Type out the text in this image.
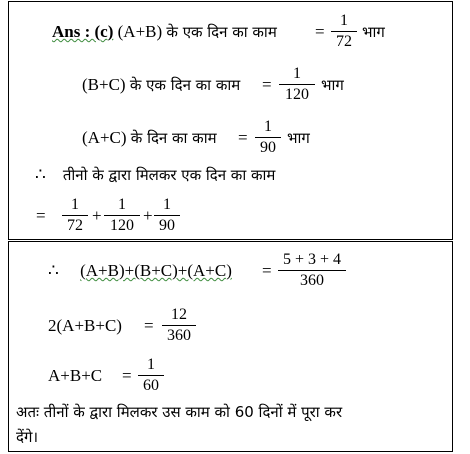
Ans : (c) (A+B) के एक दिन का काम = $\frac{1}{72}$ भाग
(B+C) के एक दिन का काम = $\frac{1}{120}$ भाग
(A+C) के दिन का काम = $\frac{1}{90}$ भाग
∴ तीनो के द्वारा मिलकर एक दिन का काम
= $\frac{1}{72} + \frac{1}{120} + \frac{1}{90}$
∴ $(A+B)+(B+C)+(A+C) = \frac{5 + 3 + 4}{360}$
$2(A+B+C) = \frac{12}{360}$
$A+B+C = \frac{1}{60}$
अतः तीनों के द्वारा मिलकर उस काम को 60 दिनों में पूरा कर
देंगे।
